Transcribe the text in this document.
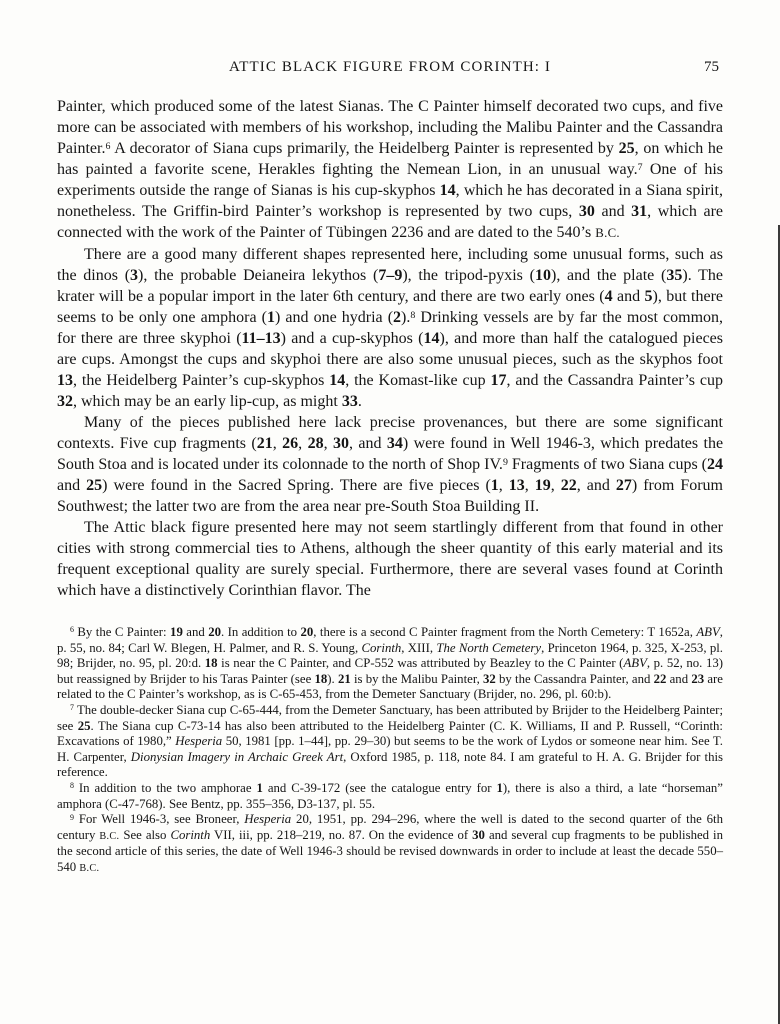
ATTIC BLACK FIGURE FROM CORINTH: I	75

Painter, which produced some of the latest Sianas. The C Painter himself decorated two cups, and five more can be associated with members of his workshop, including the Malibu Painter and the Cassandra Painter.$^6$ A decorator of Siana cups primarily, the Heidelberg Painter is represented by 25, on which he has painted a favorite scene, Herakles fighting the Nemean Lion, in an unusual way.$^7$ One of his experiments outside the range of Sianas is his cup-skyphos 14, which he has decorated in a Siana spirit, nonetheless. The Griffin-bird Painter’s workshop is represented by two cups, 30 and 31, which are connected with the work of the Painter of Tübingen 2236 and are dated to the 540’s B.C.

There are a good many different shapes represented here, including some unusual forms, such as the dinos (3), the probable Deianeira lekythos (7–9), the tripod-pyxis (10), and the plate (35). The krater will be a popular import in the later 6th century, and there are two early ones (4 and 5), but there seems to be only one amphora (1) and one hydria (2).$^8$ Drinking vessels are by far the most common, for there are three skyphoi (11–13) and a cup-skyphos (14), and more than half the catalogued pieces are cups. Amongst the cups and skyphoi there are also some unusual pieces, such as the skyphos foot 13, the Heidelberg Painter’s cup-skyphos 14, the Komast-like cup 17, and the Cassandra Painter’s cup 32, which may be an early lip-cup, as might 33.

Many of the pieces published here lack precise provenances, but there are some significant contexts. Five cup fragments (21, 26, 28, 30, and 34) were found in Well 1946-3, which predates the South Stoa and is located under its colonnade to the north of Shop IV.$^9$ Fragments of two Siana cups (24 and 25) were found in the Sacred Spring. There are five pieces (1, 13, 19, 22, and 27) from Forum Southwest; the latter two are from the area near pre-South Stoa Building II.

The Attic black figure presented here may not seem startlingly different from that found in other cities with strong commercial ties to Athens, although the sheer quantity of this early material and its frequent exceptional quality are surely special. Furthermore, there are several vases found at Corinth which have a distinctively Corinthian flavor. The

$^6$ By the C Painter: 19 and 20. In addition to 20, there is a second C Painter fragment from the North Cemetery: T 1652a, ABV, p. 55, no. 84; Carl W. Blegen, H. Palmer, and R. S. Young, Corinth, XIII, The North Cemetery, Princeton 1964, p. 325, X-253, pl. 98; Brijder, no. 95, pl. 20:d. 18 is near the C Painter, and CP-552 was attributed by Beazley to the C Painter (ABV, p. 52, no. 13) but reassigned by Brijder to his Taras Painter (see 18). 21 is by the Malibu Painter, 32 by the Cassandra Painter, and 22 and 23 are related to the C Painter’s workshop, as is C-65-453, from the Demeter Sanctuary (Brijder, no. 296, pl. 60:b).

$^7$ The double-decker Siana cup C-65-444, from the Demeter Sanctuary, has been attributed by Brijder to the Heidelberg Painter; see 25. The Siana cup C-73-14 has also been attributed to the Heidelberg Painter (C. K. Williams, II and P. Russell, “Corinth: Excavations of 1980,” Hesperia 50, 1981 [pp. 1–44], pp. 29–30) but seems to be the work of Lydos or someone near him. See T. H. Carpenter, Dionysian Imagery in Archaic Greek Art, Oxford 1985, p. 118, note 84. I am grateful to H. A. G. Brijder for this reference.

$^8$ In addition to the two amphorae 1 and C-39-172 (see the catalogue entry for 1), there is also a third, a late “horseman” amphora (C-47-768). See Bentz, pp. 355–356, D3-137, pl. 55.

$^9$ For Well 1946-3, see Broneer, Hesperia 20, 1951, pp. 294–296, where the well is dated to the second quarter of the 6th century B.C. See also Corinth VII, iii, pp. 218–219, no. 87. On the evidence of 30 and several cup fragments to be published in the second article of this series, the date of Well 1946-3 should be revised downwards in order to include at least the decade 550–540 B.C.
